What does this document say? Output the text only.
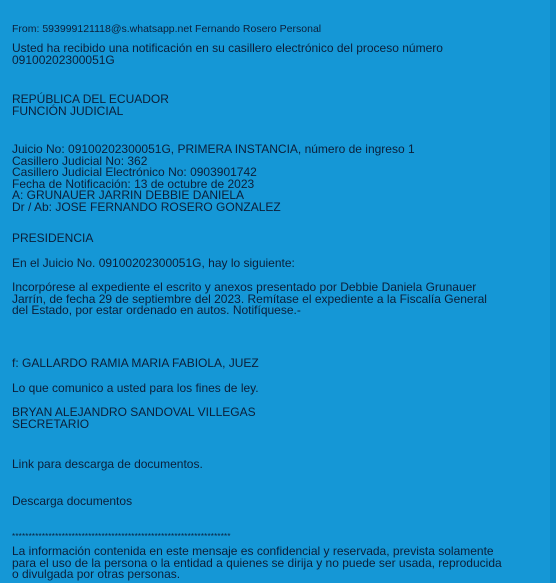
From: 593999121118@s.whatsapp.net Fernando Rosero Personal
Usted ha recibido una notificación en su casillero electrónico del proceso número
09100202300051G
REPÚBLICA DEL ECUADOR
FUNCIÓN JUDICIAL
Juicio No: 09100202300051G, PRIMERA INSTANCIA, número de ingreso 1
Casillero Judicial No: 362
Casillero Judicial Electrónico No: 0903901742
Fecha de Notificación: 13 de octubre de 2023
A: GRUNAUER JARRIN DEBBIE DANIELA
Dr / Ab: JOSE FERNANDO ROSERO GONZALEZ
PRESIDENCIA
En el Juicio No. 09100202300051G, hay lo siguiente:
Incorpórese al expediente el escrito y anexos presentado por Debbie Daniela Grunauer
Jarrín, de fecha 29 de septiembre del 2023. Remítase el expediente a la Fiscalía General
del Estado, por estar ordenado en autos. Notifíquese.-
f: GALLARDO RAMIA MARIA FABIOLA, JUEZ
Lo que comunico a usted para los fines de ley.
BRYAN ALEJANDRO SANDOVAL VILLEGAS
SECRETARIO
Link para descarga de documentos.
Descarga documentos
******************************************************************
La información contenida en este mensaje es confidencial y reservada, prevista solamente
para el uso de la persona o la entidad a quienes se dirija y no puede ser usada, reproducida
o divulgada por otras personas.
